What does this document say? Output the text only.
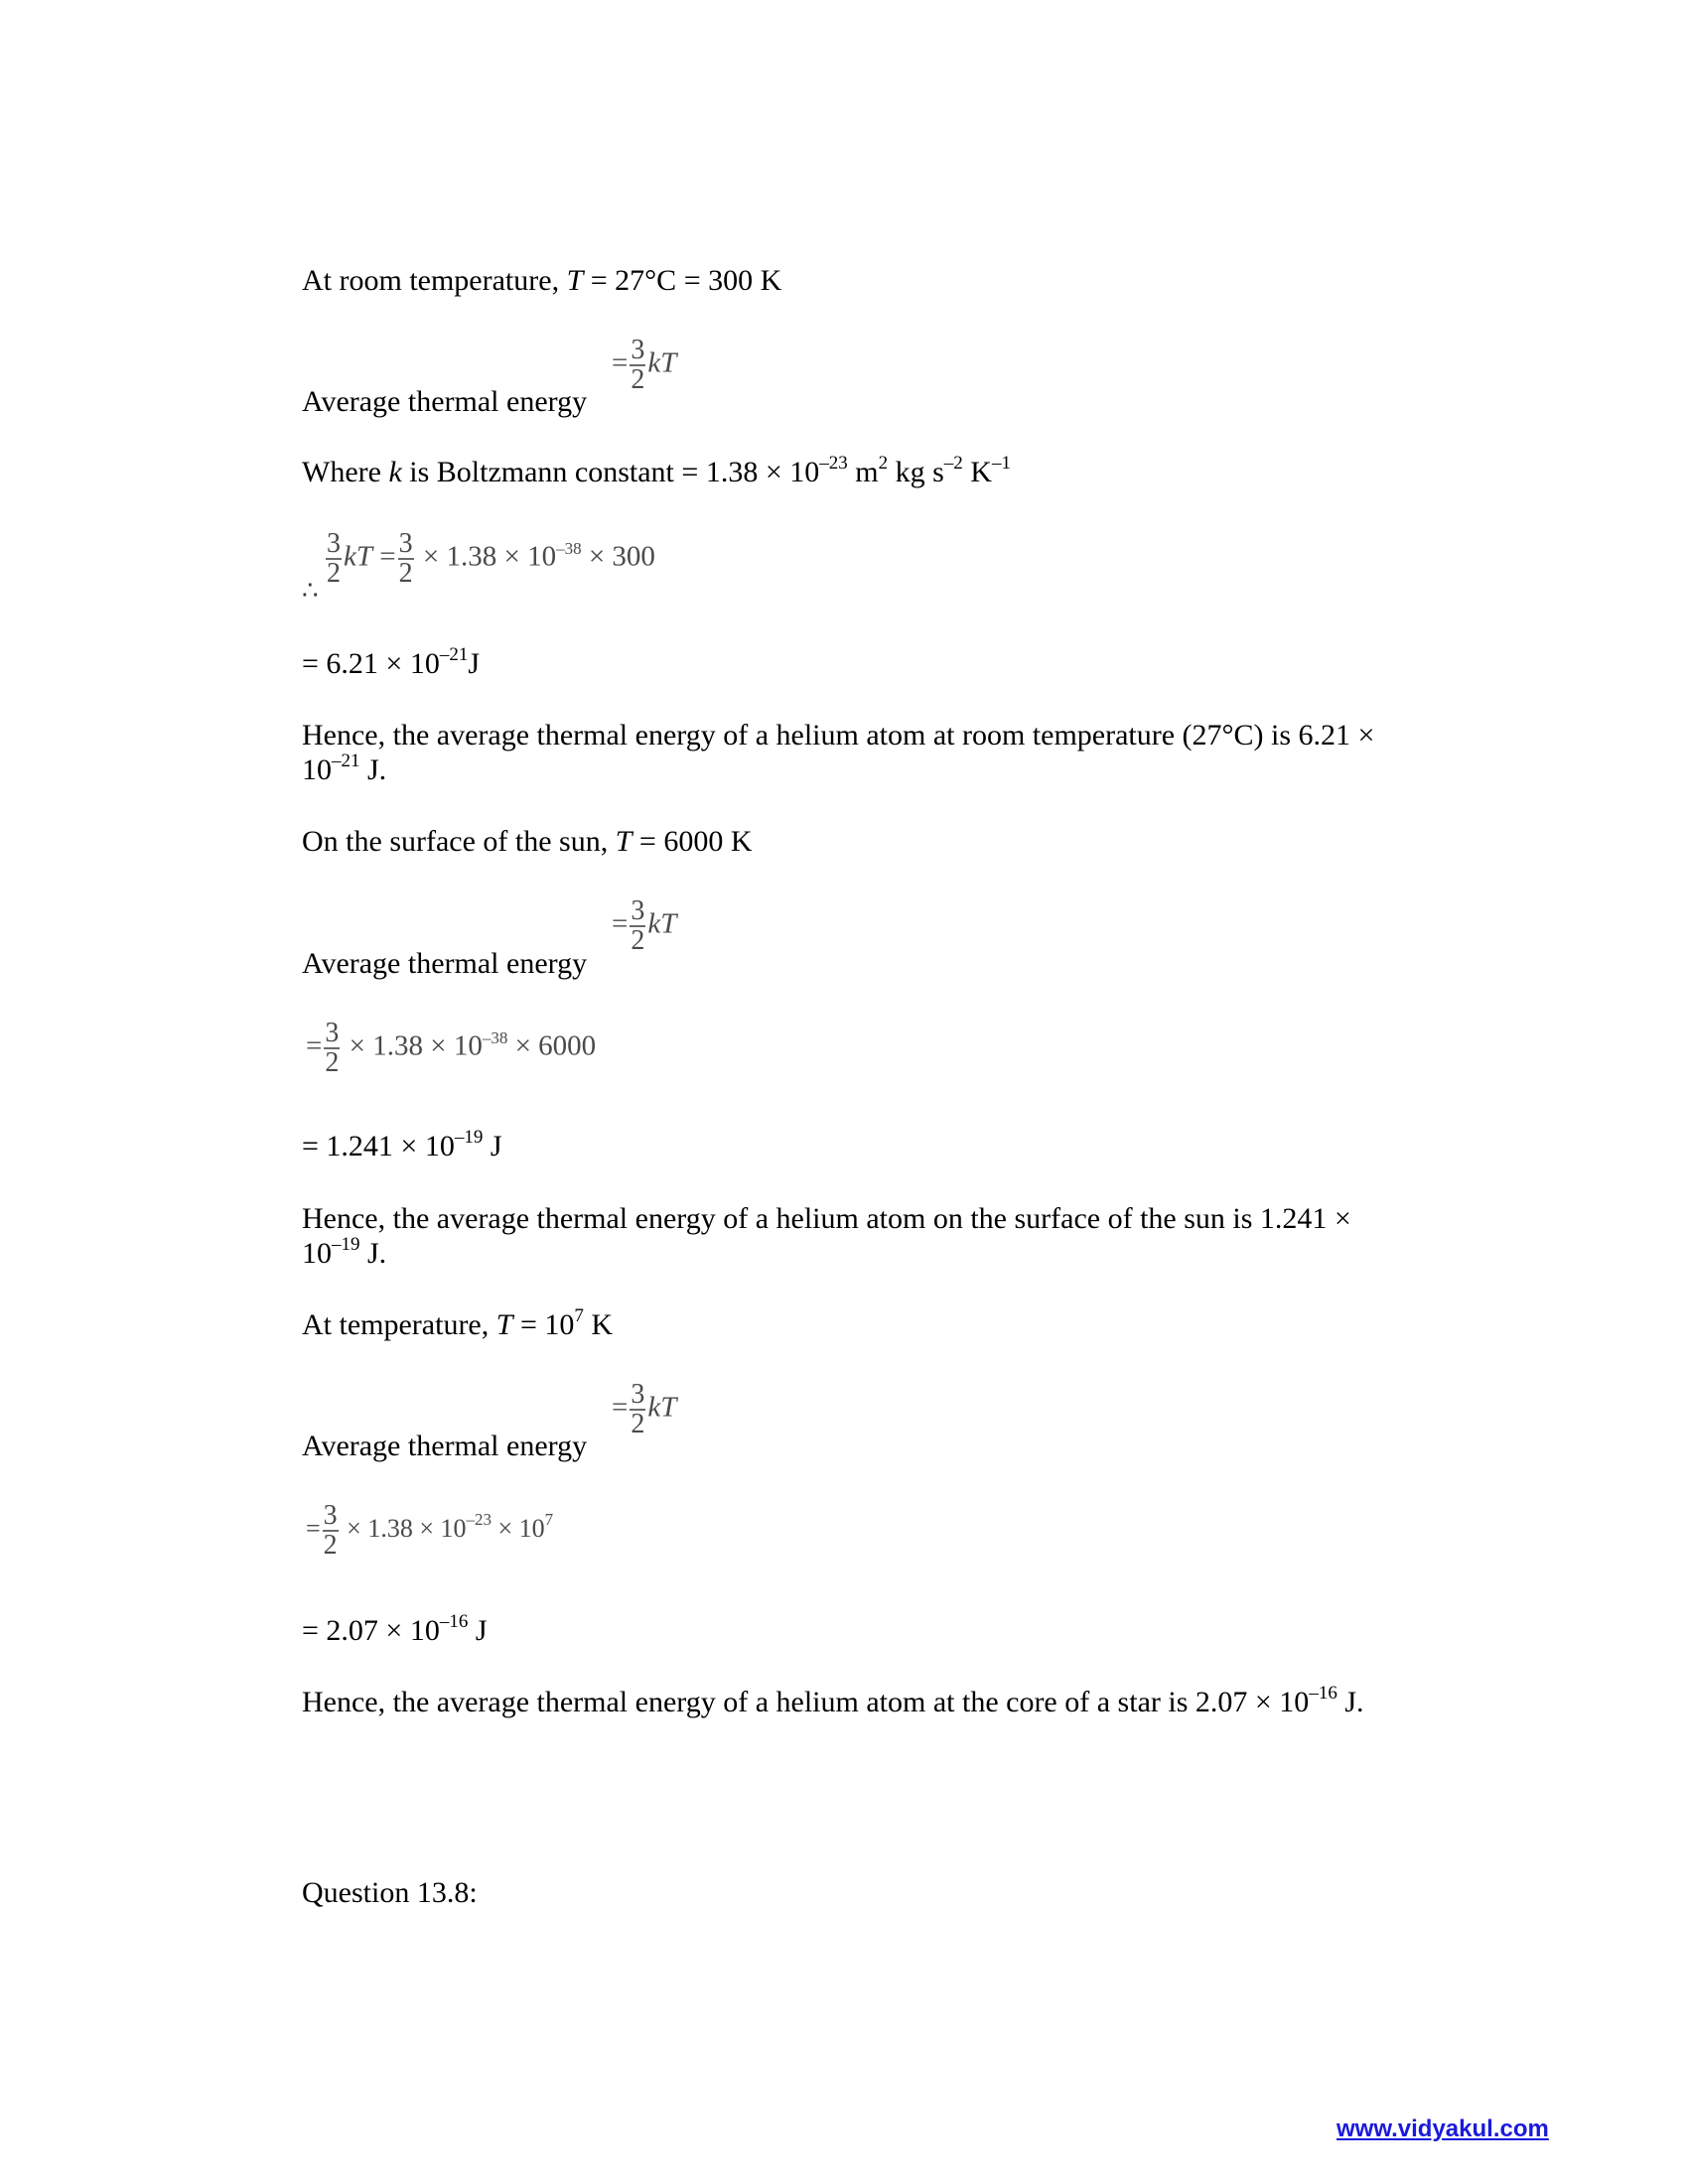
At room temperature, T = 27°C = 300 K
Average thermal energy
= $\frac{3}{2}$ kT
Where k is Boltzmann constant = $1.38 \times 10^{-23}$ $m^2$ kg $s^{-2}$ $K^{-1}$
∴
$\frac{3}{2}$ kT = $\frac{3}{2} \times 1.38 \times 10^{-38} \times 300$
= $6.21 \times 10^{-21}J$
Hence, the average thermal energy of a helium atom at room temperature (27°C) is 6.21 ×
$10^{-21}$ J.
On the surface of the sun, T = 6000 K
Average thermal energy
= $\frac{3}{2}$ kT
= $\frac{3}{2} \times 1.38 \times 10^{-38} \times 6000$
= $1.241 \times 10^{-19}$ J
Hence, the average thermal energy of a helium atom on the surface of the sun is 1.241 ×
$10^{-19}$ J.
At temperature, $T = 10^7$ K
Average thermal energy
= $\frac{3}{2}$ kT
= $\frac{3}{2} \times 1.38 \times 10^{-23} \times 10^7$
= $2.07 \times 10^{-16}$ J
Hence, the average thermal energy of a helium atom at the core of a star is $2.07 \times 10^{-16}$ J.
Question 13.8:
www.vidyakul.com
